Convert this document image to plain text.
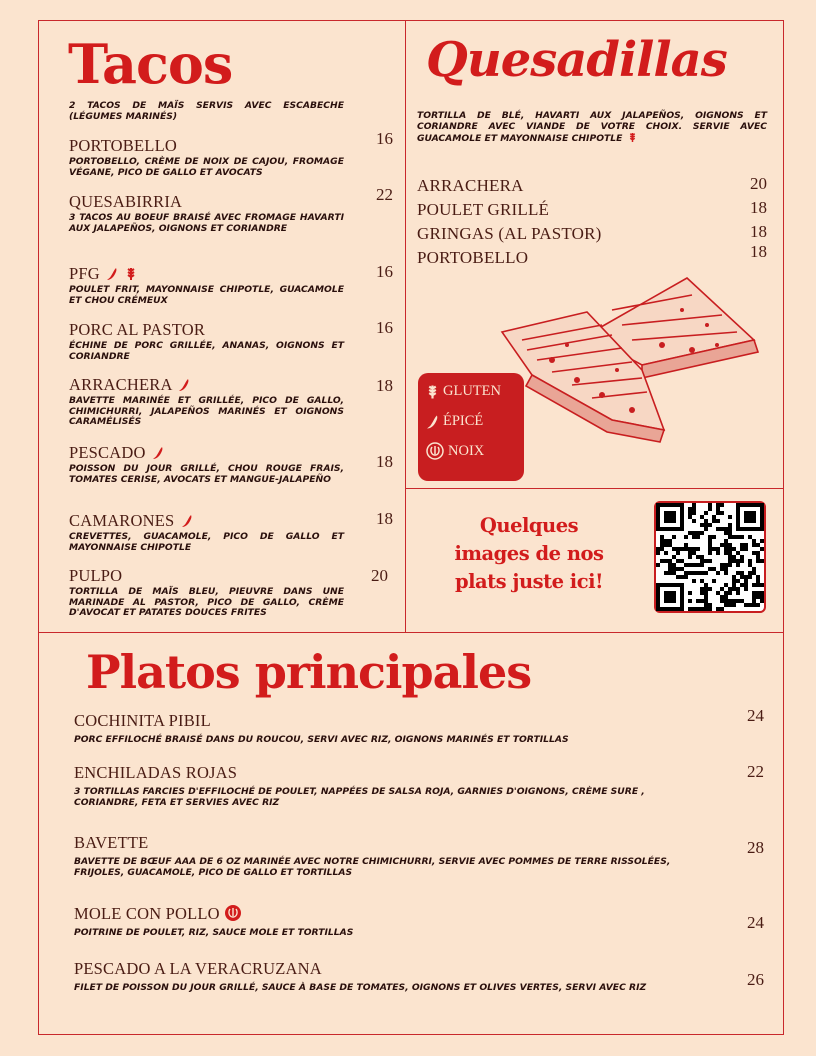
Tacos
2 TACOS DE MAÏS SERVIS AVEC ESCABECHE (LÉGUMES MARINÉS)
PORTOBELLO
PORTOBELLO, CRÈME DE NOIX DE CAJOU, FROMAGE VÉGANE, PICO DE GALLO ET AVOCATS
16
QUESABIRRIA
3 TACOS AU BOEUF BRAISÉ AVEC FROMAGE HAVARTI AUX JALAPEÑOS, OIGNONS ET CORIANDRE
22
PFG
POULET FRIT, MAYONNAISE CHIPOTLE, GUACAMOLE ET CHOU CRÉMEUX
16
PORC AL PASTOR
ÉCHINE DE PORC GRILLÉE, ANANAS, OIGNONS ET CORIANDRE
16
ARRACHERA
BAVETTE MARINÉE ET GRILLÉE, PICO DE GALLO, CHIMICHURRI, JALAPEÑOS MARINÉS ET OIGNONS CARAMÉLISÉS
18
PESCADO
POISSON DU JOUR GRILLÉ, CHOU ROUGE FRAIS, TOMATES CERISE, AVOCATS ET MANGUE-JALAPEÑO
18
CAMARONES
CREVETTES, GUACAMOLE, PICO DE GALLO ET MAYONNAISE CHIPOTLE
18
PULPO
TORTILLA DE MAÏS BLEU, PIEUVRE DANS UNE MARINADE AL PASTOR, PICO DE GALLO, CRÈME D'AVOCAT ET PATATES DOUCES FRITES
20
Quesadillas
TORTILLA DE BLÉ, HAVARTI AUX JALAPEÑOS, OIGNONS ET CORIANDRE AVEC VIANDE DE VOTRE CHOIX. SERVIE AVEC GUACAMOLE ET MAYONNAISE CHIPOTLE
ARRACHERA	20
POULET GRILLÉ	18
GRINGAS (AL PASTOR)	18
PORTOBELLO	18
GLUTEN
ÉPICÉ
NOIX
Quelques
images de nos
plats juste ici!
Platos principales
COCHINITA PIBIL
PORC EFFILOCHÉ BRAISÉ DANS DU ROUCOU, SERVI AVEC RIZ, OIGNONS MARINÉS ET TORTILLAS
24
ENCHILADAS ROJAS
3 TORTILLAS FARCIES D'EFFILOCHÉ DE POULET, NAPPÉES DE SALSA ROJA, GARNIES D'OIGNONS, CRÈME SURE , CORIANDRE, FETA ET SERVIES AVEC RIZ
22
BAVETTE
BAVETTE DE BŒUF AAA DE 6 OZ MARINÉE AVEC NOTRE CHIMICHURRI, SERVIE AVEC POMMES DE TERRE RISSOLÉES, FRIJOLES, GUACAMOLE, PICO DE GALLO ET TORTILLAS
28
MOLE CON POLLO
POITRINE DE POULET, RIZ, SAUCE MOLE ET TORTILLAS
24
PESCADO A LA VERACRUZANA
FILET DE POISSON DU JOUR GRILLÉ, SAUCE À BASE DE TOMATES, OIGNONS ET OLIVES VERTES, SERVI AVEC RIZ	26
